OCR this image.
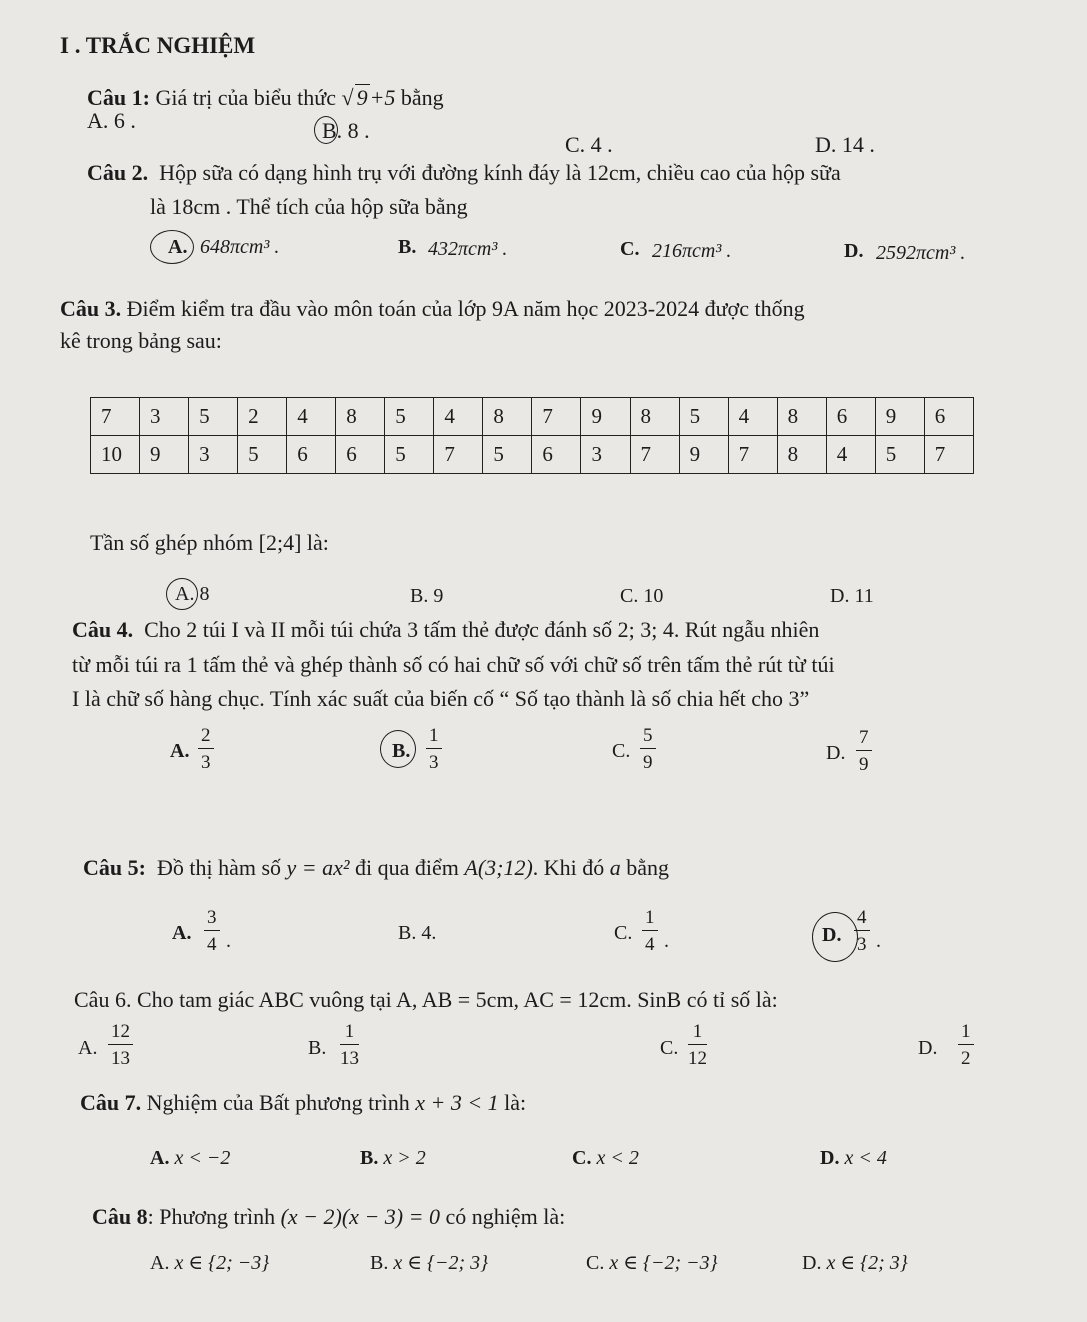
I . TRẮC NGHIỆM
Câu 1: Giá trị của biểu thức √ 9+5 bằng
A. 6 .	B. 8 .
C. 4 .	D. 14 .
Câu 2. Hộp sữa có dạng hình trụ với đường kính đáy là 12cm, chiều cao của hộp sữa
là 18cm . Thể tích của hộp sữa bằng
A. 648πcm³ .	B. 432πcm³ .	C. 216πcm³ .	D. 2592πcm³ .
Câu 3. Điểm kiểm tra đầu vào môn toán của lớp 9A năm học 2023-2024 được thống
kê trong bảng sau:
7	3	5	2	4	8	5	4	8	7	9	8	5	4	8	6	9	6
10	9	3	5	6	6	5	7	5	6	3	7	9	7	8	4	5	7
Tần số ghép nhóm [2;4] là:
A. 8	B. 9	C. 10	D. 11
Câu 4. Cho 2 túi I và II mỗi túi chứa 3 tấm thẻ được đánh số 2; 3; 4. Rút ngẫu nhiên
từ mỗi túi ra 1 tấm thẻ và ghép thành số có hai chữ số với chữ số trên tấm thẻ rút từ túi
I là chữ số hàng chục. Tính xác suất của biến cố “ Số tạo thành là số chia hết cho 3”
A. $\frac{2}{3}$	B. $\frac{1}{3}$	C. $\frac{5}{9}$	D. $\frac{7}{9}$
Câu 5: Đồ thị hàm số y = ax² đi qua điểm A(3;12). Khi đó a bằng
A. $\frac{3}{4}$ .	B. 4.	C. $\frac{1}{4}$ .	D. $\frac{4}{3}$ .
Câu 6. Cho tam giác ABC vuông tại A, AB = 5cm, AC = 12cm. SinB có tỉ số là:
A. $\frac{12}{13}$	B. $\frac{1}{13}$	C. $\frac{1}{12}$	D. $\frac{1}{2}$
Câu 7. Nghiệm của Bất phương trình x + 3 < 1 là:
A. x < −2	B. x > 2	C. x < 2	D. x < 4
Câu 8: Phương trình (x − 2)(x − 3) = 0 có nghiệm là:
A. x ∈ {2; −3}	B. x ∈ {−2; 3}	C. x ∈ {−2; −3}	D. x ∈ {2; 3}
